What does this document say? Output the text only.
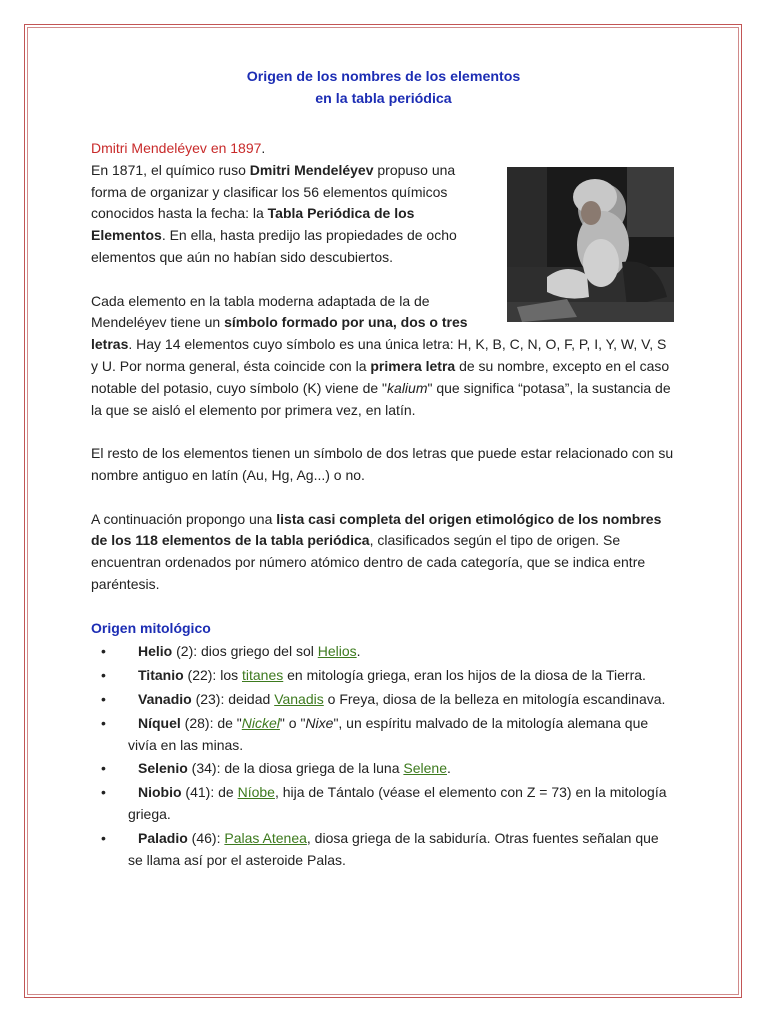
Origen de los nombres de los elementos
en la tabla periódica

Dmitri Mendeléyev en 1897.

En 1871, el químico ruso Dmitri Mendeléyev propuso una forma de organizar y clasificar los 56 elementos químicos conocidos hasta la fecha: la Tabla Periódica de los Elementos. En ella, hasta predijo las propiedades de ocho elementos que aún no habían sido descubiertos.

Cada elemento en la tabla moderna adaptada de la de Mendeléyev tiene un símbolo formado por una, dos o tres letras. Hay 14 elementos cuyo símbolo es una única letra: H, K, B, C, N, O, F, P, I, Y, W, V, S y U. Por norma general, ésta coincide con la primera letra de su nombre, excepto en el caso notable del potasio, cuyo símbolo (K) viene de "kalium" que significa “potasa”, la sustancia de la que se aisló el elemento por primera vez, en latín.

El resto de los elementos tienen un símbolo de dos letras que puede estar relacionado con su nombre antiguo en latín (Au, Hg, Ag...) o no.

A continuación propongo una lista casi completa del origen etimológico de los nombres de los 118 elementos de la tabla periódica, clasificados según el tipo de origen. Se encuentran ordenados por número atómico dentro de cada categoría, que se indica entre paréntesis.

Origen mitológico
• Helio (2): dios griego del sol Helios.
• Titanio (22): los titanes en mitología griega, eran los hijos de la diosa de la Tierra.
• Vanadio (23): deidad Vanadis o Freya, diosa de la belleza en mitología escandinava.
• Níquel (28): de "Nickel" o "Nixe", un espíritu malvado de la mitología alemana que vivía en las minas.
• Selenio (34): de la diosa griega de la luna Selene.
• Niobio (41): de Níobe, hija de Tántalo (véase el elemento con Z = 73) en la mitología griega.
• Paladio (46): Palas Atenea, diosa griega de la sabiduría. Otras fuentes señalan que se llama así por el asteroide Palas.
